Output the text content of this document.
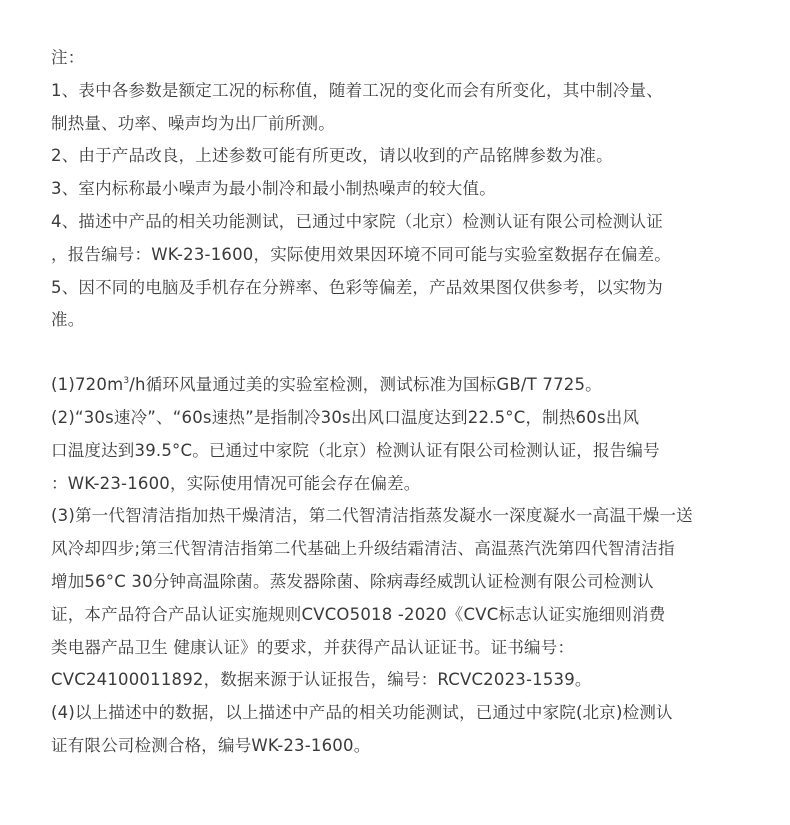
注：
1、表中各参数是额定工况的标称值，随着工况的变化而会有所变化，其中制冷量、
制热量、功率、噪声均为出厂前所测。
2、由于产品改良，上述参数可能有所更改，请以收到的产品铭牌参数为准。
3、室内标称最小噪声为最小制冷和最小制热噪声的较大值。
4、描述中产品的相关功能测试，已通过中家院（北京）检测认证有限公司检测认证
，报告编号：WK-23-1600，实际使用效果因环境不同可能与实验室数据存在偏差。
5、因不同的电脑及手机存在分辨率、色彩等偏差，产品效果图仅供参考，以实物为
准。
$(1)720m^3/h$循环风量通过美的实验室检测，测试标准为国标GB/T 7725。
(2)“30s速冷”、“60s速热”是指制冷30s出风口温度达到22.5°C，制热60s出风
口温度达到39.5°C。已通过中家院（北京）检测认证有限公司检测认证，报告编号
：WK-23-1600，实际使用情况可能会存在偏差。
(3)第一代智清洁指加热干燥清洁，第二代智清洁指蒸发凝水一深度凝水一高温干燥一送
风冷却四步;第三代智清洁指第二代基础上升级结霜清洁、高温蒸汽洗第四代智清洁指
增加56°C 30分钟高温除菌。蒸发器除菌、除病毒经威凯认证检测有限公司检测认
证，本产品符合产品认证实施规则CVCO5018 -2020《CVC标志认证实施细则消费
类电器产品卫生 健康认证》的要求，并获得产品认证证书。证书编号：
CVC24100011892，数据来源于认证报告，编号：RCVC2023-1539。
(4)以上描述中的数据，以上描述中产品的相关功能测试，已通过中家院(北京)检测认
证有限公司检测合格，编号WK-23-1600。
